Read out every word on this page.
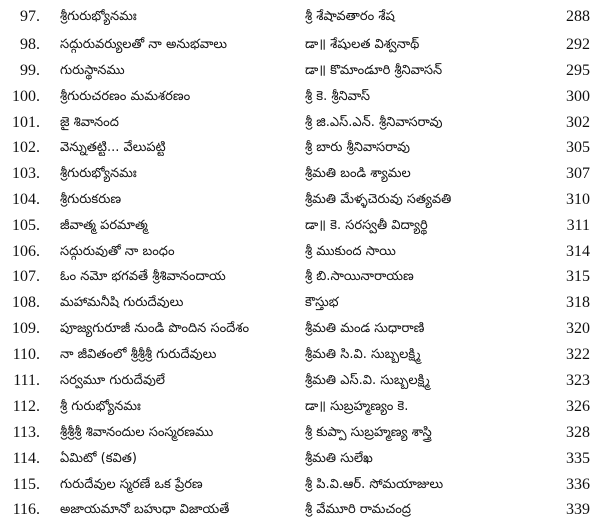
97. శ్రీగురుభ్యోనమః	శ్రీ శేషావతారం శేష	288
98. సద్గురువర్యులతో నా అనుభవాలు	డా॥ శేషులత విశ్వనాథ్	292
99. గురుస్థానము	డా॥ కొమాండూరి శ్రీనివాసన్	295
100. శ్రీగురుచరణం మమశరణం	శ్రీ కె. శ్రీనివాస్	300
101. జై శివానంద	శ్రీ జి.ఎస్.ఎన్. శ్రీనివాసరావు	302
102. వెన్నుతట్టి... వేలుపట్టి	శ్రీ బారు శ్రీనివాసరావు	305
103. శ్రీగురుభ్యోనమః	శ్రీమతి బండి శ్యామల	307
104. శ్రీగురుకరుణ	శ్రీమతి మేళ్ళచెరువు సత్యవతి	310
105. జీవాత్మ పరమాత్మ	డా॥ కె. సరస్వతీ విద్యార్థి	311
106. సద్గురువుతో నా బంధం	శ్రీ ముకుంద సాయి	314
107. ఓం నమో భగవతే శ్రీశివానందాయ	శ్రీ బి.సాయినారాయణ	315
108. మహామనీషి గురుదేవులు	కౌస్తుభ	318
109. పూజ్యగురూజీ నుండి పొందిన సందేశం	శ్రీమతి మండ సుధారాణి	320
110. నా జీవితంలో శ్రీశ్రీశ్రీ గురుదేవులు	శ్రీమతి సి.వి. సుబ్బలక్ష్మి	322
111. సర్వమూ గురుదేవులే	శ్రీమతి ఎస్.వి. సుబ్బలక్ష్మి	323
112. శ్రీ గురుభ్యోనమః	డా॥ సుబ్రహ్మణ్యం కె.	326
113. శ్రీశ్రీశ్రీ శివానందుల సంస్మరణము	శ్రీ కుప్పా సుబ్రహ్మణ్య శాస్త్రి	328
114. ఏమిటో (కవిత)	శ్రీమతి సులేఖ	335
115. గురుదేవుల స్మరణే ఒక ప్రేరణ	శ్రీ పి.వి.ఆర్. సోమయాజులు	336
116. అజాయమానో బహుధా విజాయతే	శ్రీ వేమూరి రామచంద్ర	339
